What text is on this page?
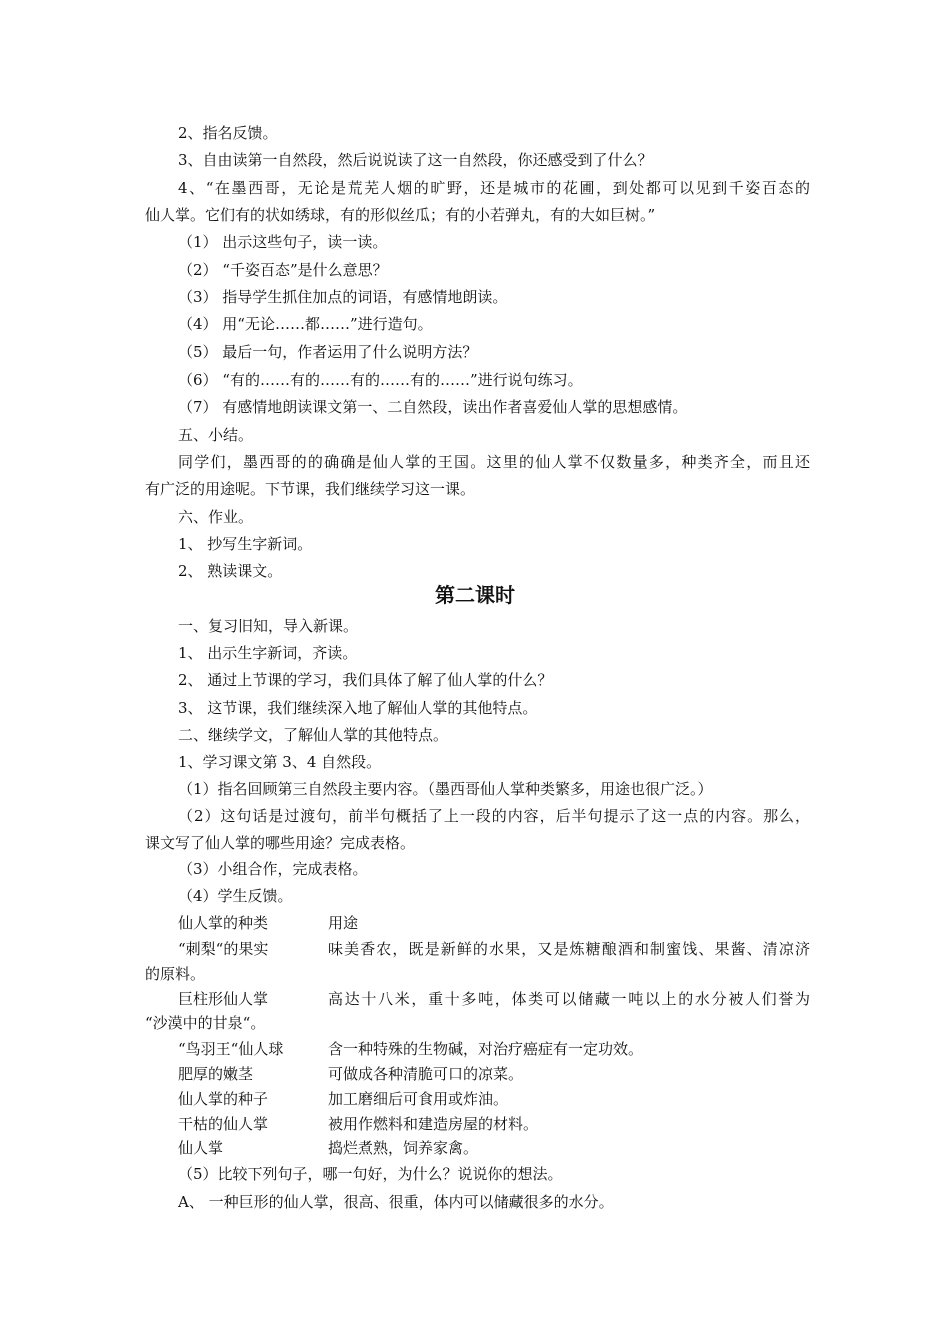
2、指名反馈。
3、自由读第一自然段，然后说说读了这一自然段，你还感受到了什么？
4、“在墨西哥，无论是荒芜人烟的旷野，还是城市的花圃，到处都可以见到千姿百态的
仙人掌。它们有的状如绣球，有的形似丝瓜；有的小若弹丸，有的大如巨树。”
（1） 出示这些句子，读一读。
（2） “千姿百态”是什么意思？
（3） 指导学生抓住加点的词语，有感情地朗读。
（4） 用“无论……都……”进行造句。
（5） 最后一句，作者运用了什么说明方法？
（6） “有的……有的……有的……有的……”进行说句练习。
（7） 有感情地朗读课文第一、二自然段，读出作者喜爱仙人掌的思想感情。
五、小结。
同学们，墨西哥的的确确是仙人掌的王国。这里的仙人掌不仅数量多，种类齐全，而且还
有广泛的用途呢。下节课，我们继续学习这一课。
六、作业。
1、 抄写生字新词。
2、 熟读课文。
第二课时
一、复习旧知，导入新课。
1、 出示生字新词，齐读。
2、 通过上节课的学习，我们具体了解了仙人掌的什么？
3、 这节课，我们继续深入地了解仙人掌的其他特点。
二、继续学文，了解仙人掌的其他特点。
1、学习课文第 3、4 自然段。
（1）指名回顾第三自然段主要内容。（墨西哥仙人掌种类繁多，用途也很广泛。）
（2）这句话是过渡句，前半句概括了上一段的内容，后半句提示了这一点的内容。那么，
课文写了仙人掌的哪些用途？完成表格。
（3）小组合作，完成表格。
（4）学生反馈。
仙人掌的种类	用途
“刺梨“的果实	味美香农，既是新鲜的水果，又是炼糖酿酒和制蜜饯、果酱、清凉济
的原料。
巨柱形仙人掌	高达十八米，重十多吨，体类可以储藏一吨以上的水分被人们誉为
“沙漠中的甘泉“。
“鸟羽王“仙人球	含一种特殊的生物碱，对治疗癌症有一定功效。
肥厚的嫩茎	可做成各种清脆可口的凉菜。
仙人掌的种子	加工磨细后可食用或炸油。
干枯的仙人掌	被用作燃料和建造房屋的材料。
仙人掌	捣烂煮熟，饲养家禽。
（5）比较下列句子，哪一句好，为什么？说说你的想法。
A、 一种巨形的仙人掌，很高、很重，体内可以储藏很多的水分。
